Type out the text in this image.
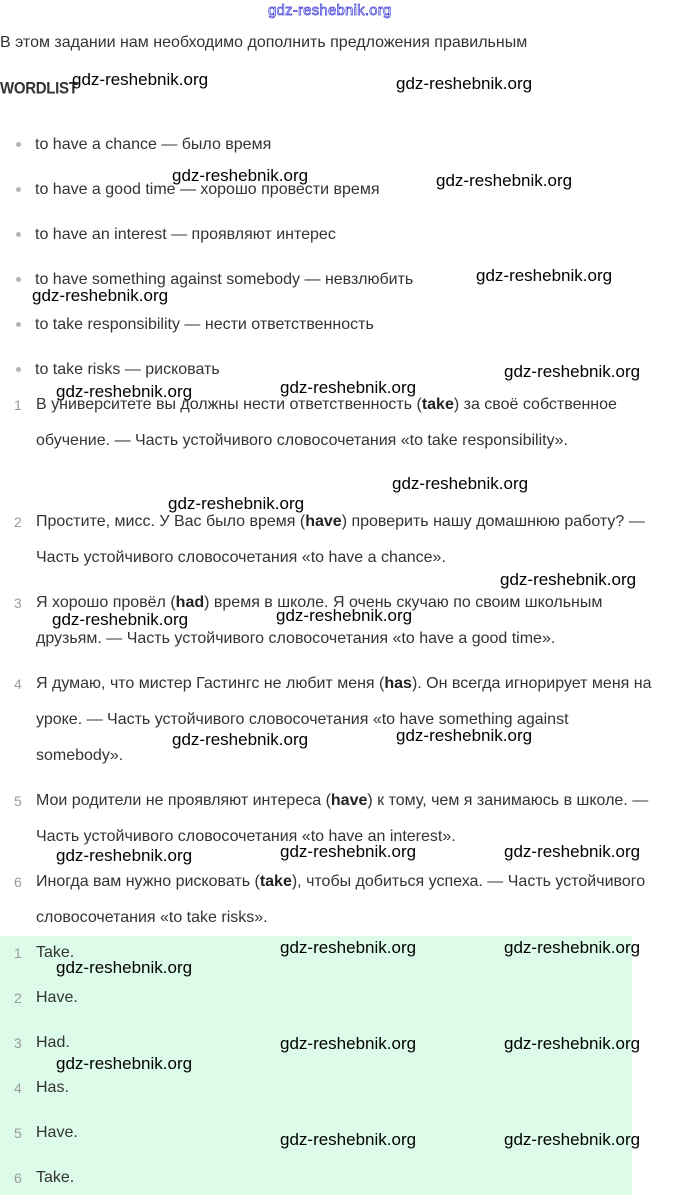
gdz-reshebnik.org
В этом задании нам необходимо дополнить предложения правильным
WORDLIST
to have a chance — было время
to have a good time — хорошо провести время
to have an interest — проявляют интерес
to have something against somebody — невзлюбить
to take responsibility — нести ответственность
to take risks — рисковать
1 В университете вы должны нести ответственность (take) за своё собственное обучение. — Часть устойчивого словосочетания «to take responsibility».
2 Простите, мисс. У Вас было время (have) проверить нашу домашнюю работу? — Часть устойчивого словосочетания «to have a chance».
3 Я хорошо провёл (had) время в школе. Я очень скучаю по своим школьным друзьям. — Часть устойчивого словосочетания «to have a good time».
4 Я думаю, что мистер Гастингс не любит меня (has). Он всегда игнорирует меня на уроке. — Часть устойчивого словосочетания «to have something against somebody».
5 Мои родители не проявляют интереса (have) к тому, чем я занимаюсь в школе. — Часть устойчивого словосочетания «to have an interest».
6 Иногда вам нужно рисковать (take), чтобы добиться успеха. — Часть устойчивого словосочетания «to take risks».
1 Take.
2 Have.
3 Had.
4 Has.
5 Have.
6 Take.
gdz-reshebnik.org	gdz-reshebnik.org
gdz-reshebnik.org	gdz-reshebnik.org
gdz-reshebnik.org
gdz-reshebnik.org
gdz-reshebnik.org
gdz-reshebnik.org	gdz-reshebnik.org
gdz-reshebnik.org
gdz-reshebnik.org
gdz-reshebnik.org
gdz-reshebnik.org	gdz-reshebnik.org
gdz-reshebnik.org	gdz-reshebnik.org
gdz-reshebnik.org	gdz-reshebnik.org	gdz-reshebnik.org
gdz-reshebnik.org	gdz-reshebnik.org
gdz-reshebnik.org
gdz-reshebnik.org	gdz-reshebnik.org
gdz-reshebnik.org
gdz-reshebnik.org	gdz-reshebnik.org
